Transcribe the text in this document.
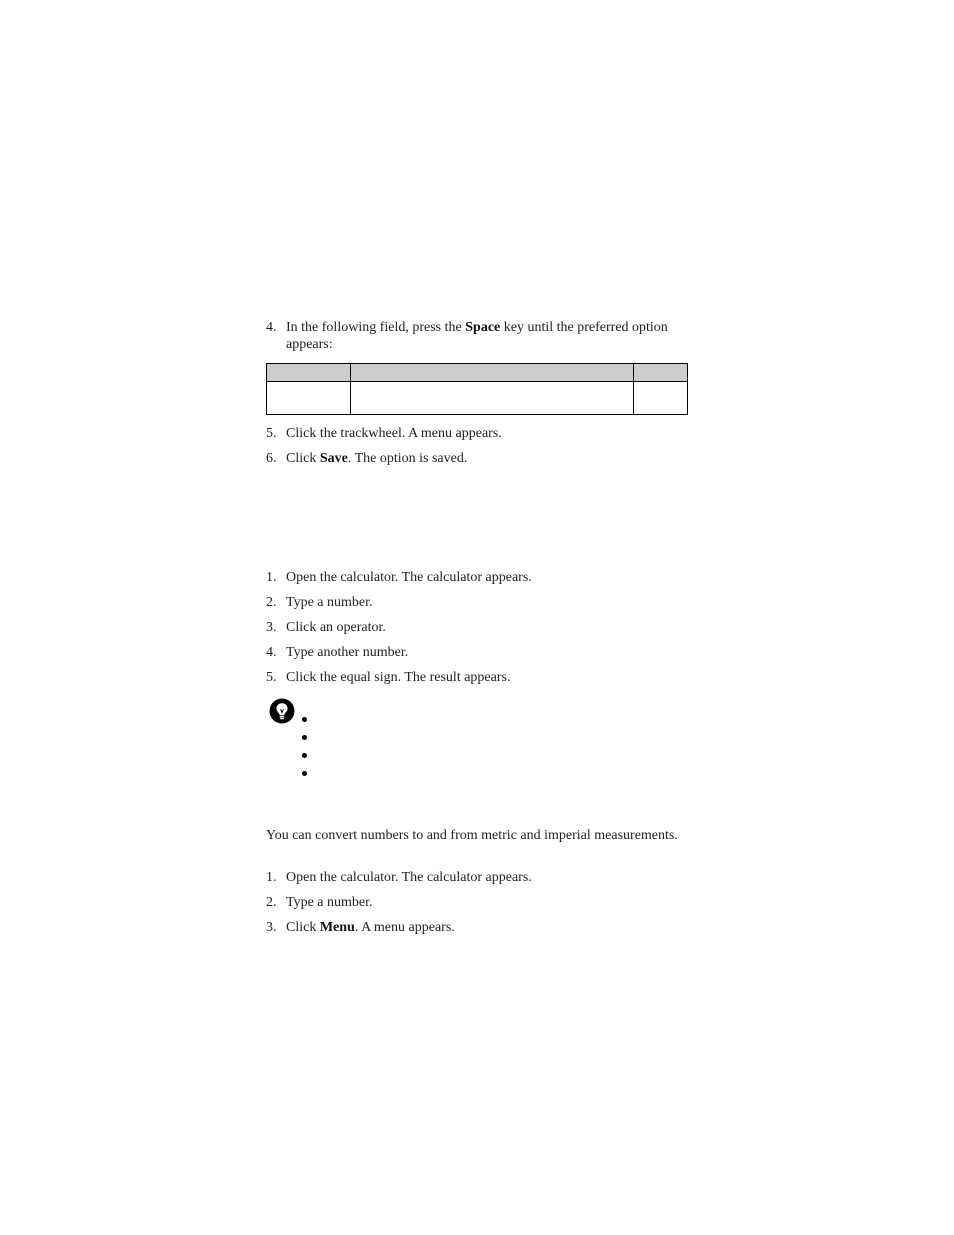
4. In the following field, press the Space key until the preferred option appears:

5. Click the trackwheel. A menu appears.
6. Click Save. The option is saved.
1. Open the calculator. The calculator appears.
2. Type a number.
3. Click an operator.
4. Type another number.
5. Click the equal sign. The result appears.
You can convert numbers to and from metric and imperial measurements.
1. Open the calculator. The calculator appears.
2. Type a number.
3. Click Menu. A menu appears.
